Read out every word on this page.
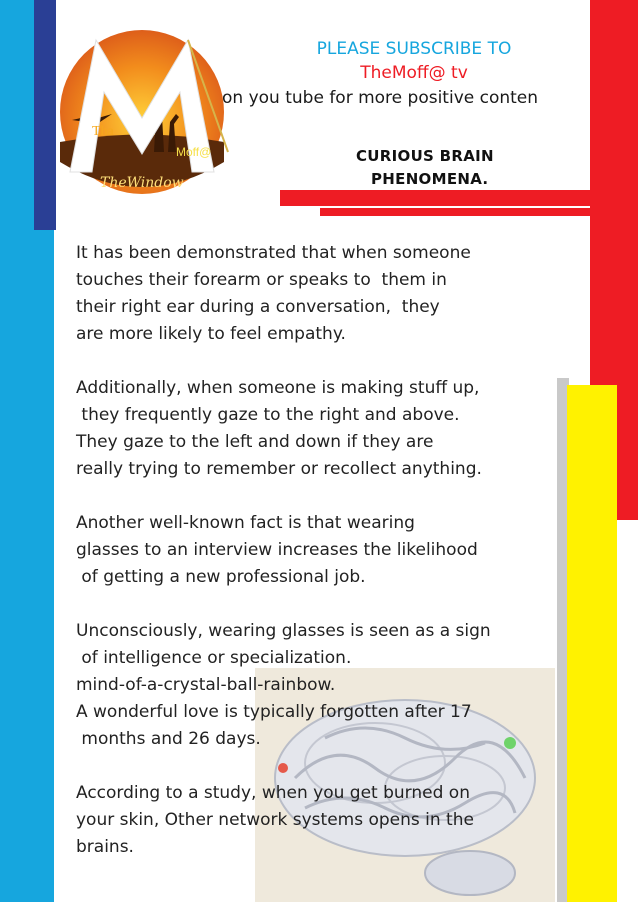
Tha
Moff@
TheWindow
PLEASE SUBSCRIBE TO
TheMoff@ tv
on you tube for more positive conten
CURIOUS BRAIN
PHENOMENA.

It has been demonstrated that when someone

touches their forearm or speaks to  them in

their right ear during a conversation,  they

are more likely to feel empathy.

Additionally, when someone is making stuff up,

they frequently gaze to the right and above.

They gaze to the left and down if they are

really trying to remember or recollect anything.

Another well-known fact is that wearing

glasses to an interview increases the likelihood

of getting a new professional job.

Unconsciously, wearing glasses is seen as a sign

of intelligence or specialization.

mind-of-a-crystal-ball-rainbow.

A wonderful love is typically forgotten after 17

months and 26 days.

According to a study, when you get burned on

your skin, Other network systems opens in the

brains.
